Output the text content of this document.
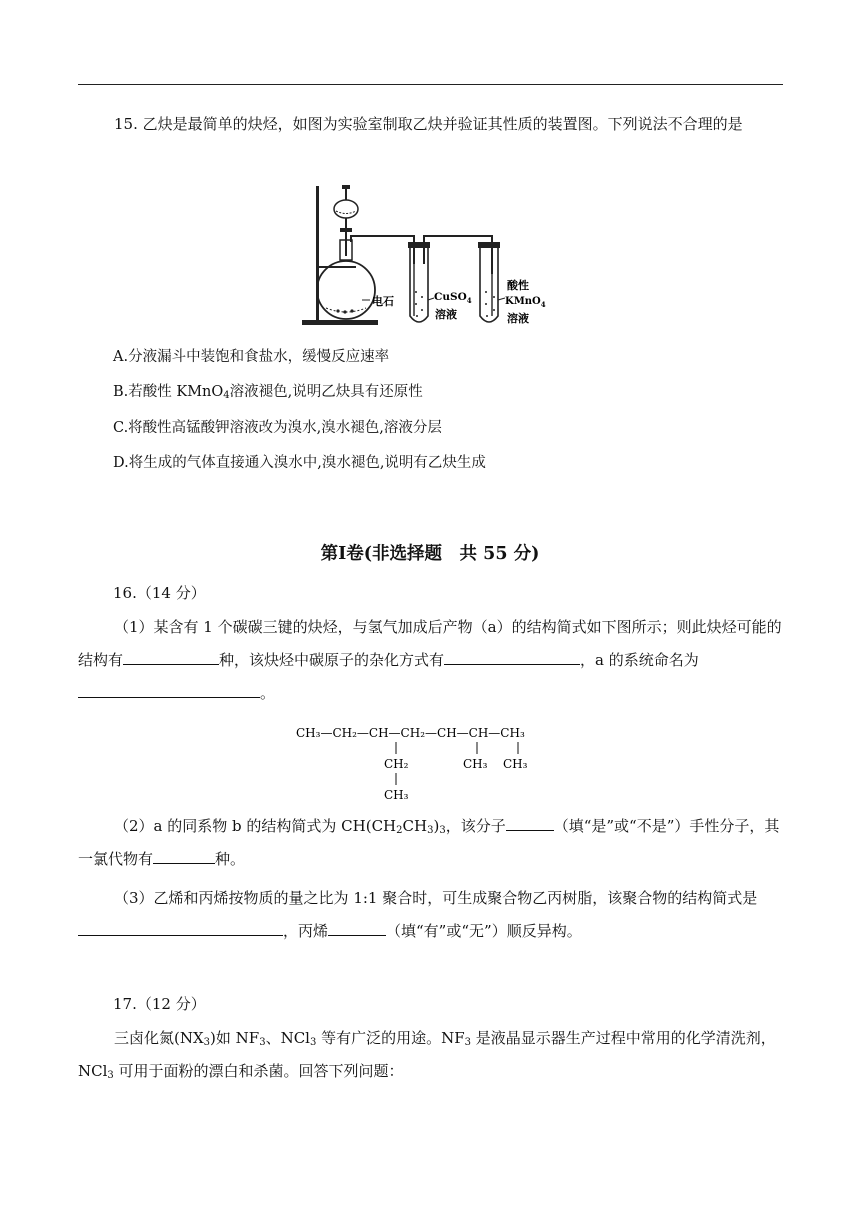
15. 乙炔是最简单的炔烃，如图为实验室制取乙炔并验证其性质的装置图。下列说法不合理的是
电石	CuSO$_4$
溶液
酸性
KMnO$_4$
溶液
A.分液漏斗中装饱和食盐水，缓慢反应速率
B.若酸性 KMnO$_4$溶液褪色,说明乙炔具有还原性
C.将酸性高锰酸钾溶液改为溴水,溴水褪色,溶液分层
D.将生成的气体直接通入溴水中,溴水褪色,说明有乙炔生成
第Ⅰ卷(非选择题　共 55 分)
16.（14 分）
（1）某含有 1 个碳碳三键的炔烃，与氢气加成后产物（a）的结构简式如下图所示；则此炔烃可能的结构有	种，该炔烃中碳原子的杂化方式有	，a 的系统命名为。
CH₃—CH₂—CH—CH₂—CH—CH—CH₃
CH₂	CH₃ CH₃
CH₃
（2）a 的同系物 b 的结构简式为 $CH(CH_2CH_3)_3$，该分子	（填“是”或“不是”）手性分子，其一氯代物有	种。
（3）乙烯和丙烯按物质的量之比为 1:1 聚合时，可生成聚合物乙丙树脂，该聚合物的结构简式是，丙烯	（填“有”或“无”）顺反异构。
17.（12 分）
三卤化氮$(NX_3)$如 $NF_3$、NCl$_3$ 等有广泛的用途。$NF_3$ 是液晶显示器生产过程中常用的化学清洗剂，NCl$_3$ 可用于面粉的漂白和杀菌。回答下列问题：
